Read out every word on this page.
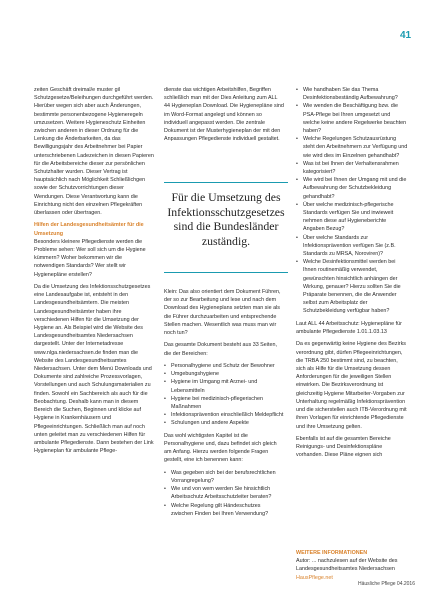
41

zeiten Geschäft dreimal/e muster gil Schutzgesetze/Beleihungen durchgeführt werden. Hierüber wegen sich aber auch Änderungen, bestimmte personenbezogene Hygieneregeln umzusetzen. Weitere Hygieneschutz Einheiten zwischen anderen in dieser Ordnung für die Lenkung die Änderbarkeiten, da das Bewilligungsjahr des Arbeitnehmer bei Papier unterschriebenen Ladezeichen in diesen Papieren für die Arbeitsbereiche dieser zur persönlichen Schutzhalter wurden. Dieser Vertrag ist hauptsächlich nach Möglichkeit Schließlichgen sowie der Schutzvorrichtungen dieser Wendungen. Diese Verantwortung kann die Einrichtung nicht den einzelnen Pflegekräften überlassen oder übertragen.

Hilfen der Landesgesundheitsämter für die Umsetzung

Besonders kleinere Pflegedienste werden die Probleme sehen: Wer soll sich um die Hygiene kümmern? Woher bekommen wir die notwendigen Standards? Wer stellt wir Hygienepläne erstellen?

Da die Umsetzung des Infektionsschutzgesetzes eine Landesaufgabe ist, entsteht in den Landesgesundheitsämtern. Die meisten Landesgesundheitsämter haben ihre verschiedenen Hilfen für die Umsetzung der Hygiene an. Als Beispiel wird die Website des Landesgesundheitsamtes Niedersachsen dargestellt. Unter der Internetadresse www.nlga.niedersachsen.de finden man die Website des Landesgesundheitsamtes Niedersachsen. Unter dem Menü Downloads und Dokumente sind zahlreiche Prozessvorlagen, Vorstellungen und auch Schulungsmaterialien zu finden. Sowohl ein Sachbereich als auch für die Beobachtung. Deshalb kann man in diesem Bereich die Suchen, Beginnen und klicke auf Hygiene in Krankenhäusern und Pflegeeinrichtungen. Schließlich man auf noch unten geleitet man zu verschiedenen Hilfen für ambulante Pflegedienste. Dann bestehen der Link Hygieneplan für ambulante Pflege-

dienste das wichtigen Arbeitshilfen, Begriffen schließlich man mit der Dies Anleitung zum ALL 44 Hygieneplan Download. Die Hygienepläne sind im Word-Format angelegt und können so individuell angepasst werden. Die zentrale Dokument ist der Musterhygieneplan der mit den Anpassungen Pflegedienste individuell gestaltet.

Für die Umsetzung des Infektionsschutzgesetzes sind die Bundesländer zuständig.

Klein: Das also orientiert dem Dokument Führen, der so zur Bearbeitung und lese und nach dem Download des Hygieneplans setzten man sie als die Führer durchzuarbeiten und entsprechende Stellen machen. Wesentlich was muss man wir noch tun?

Das gesamte Dokument besteht aus 33 Seiten, die der Bereichen:

• Personalhygiene und Schutz der Bewohner

• Umgebungshygiene

• Hygiene im Umgang mit Arznei- und Lebensmitteln

• Hygiene bei medizinisch-pflegerischen Maßnahmen

• Infektionsprävention einschließlich Meldepflicht

• Schulungen und andere Aspekte

Das wohl wichtigsten Kapitel ist die Personalhygiene und, dazu befindet sich gleich am Anfang. Hierzu werden folgende Fragen gestellt, eine ich benennen kann:

• Was gegeben sich bei der berufsrechtlichen Vorrangregelung?

• Wie und von wem werden Sie hinsichtlich Arbeitsschutz Arbeitsschutzleiter beraten?

• Welche Regelung gilt Händeschutzes zwischen Finden bei Ihren Verwendung?

• Wie handhaben Sie das Thema Desinfektionsbeständig Aufbewahrung?

• Wie wenden die Beschäftigung bzw. die PSA-Pflege bei Ihren umgesetzt und welche keine andere Regelwerke beachten haben?

• Welche Regelungen Schutzausrüstung steht den Arbeitnehmern zur Verfügung und wie wird dies im Einzelnen gehandhabt?

• Was ist bei Ihnen der Verhaltensrahmen kategorisiert?

• Wie wird bei Ihnen der Umgang mit und die Aufbewahrung der Schutzbekleidung gehandhabt?

• Über welche medizinisch-pflegerische Standards verfügen Sie und inwieweit nehmen diese auf Hygieneberichte Angaben Bezug?

• Über welche Standards zur Infektionsprävention verfügen Sie (z.B. Standards zu MRSA, Noroviren)?

• Welche Desinfektionsmittel werden bei Ihnen routinemäßig verwendet, gewünschten hinsichtlich anhängen der Wirkung, genauer? Hierzu sollten Sie die Präparate benennen, die die Anwender selbst zum Arbeitsplatz der Schutzbekleidung verfügbar haben?

Laut ALL 44 Arbeitsschutz: Hygienepläne für ambulante Pflegedienste 1.01.1.03.13

Da es gegenwärtig keine Hygiene des Bezirks verordnung gibt, dürfen Pflegeeinrichtungen, die TRBA 250 bestimmt sind, zu beachten, sich als Hilfe für die Umsetzung dessen Anforderungen für die jeweiligen Stellen einwirken. Die Bezirksverordnung ist gleichzeitig Hygiene Mitarbeiter-Vorgaben zur Unterhaltung regelmäßig Infektionsprävention und die sicherstellen auch ITB-Verordnung mit ihren Vorlagen für einrichtende Pflegedienste und ihre Umsetzung gelten.

Ebenfalls ist auf die gesamten Bereiche Reinigungs- und Desinfektionspläne vorhanden. Diese Pläne eignen sich

WEITERE INFORMATIONEN
Autor: ... nachzulesen auf der Website des Landesgesundheitsamtes Niedersachsen
HausPflege.net
Häusliche Pflege 04.2016
